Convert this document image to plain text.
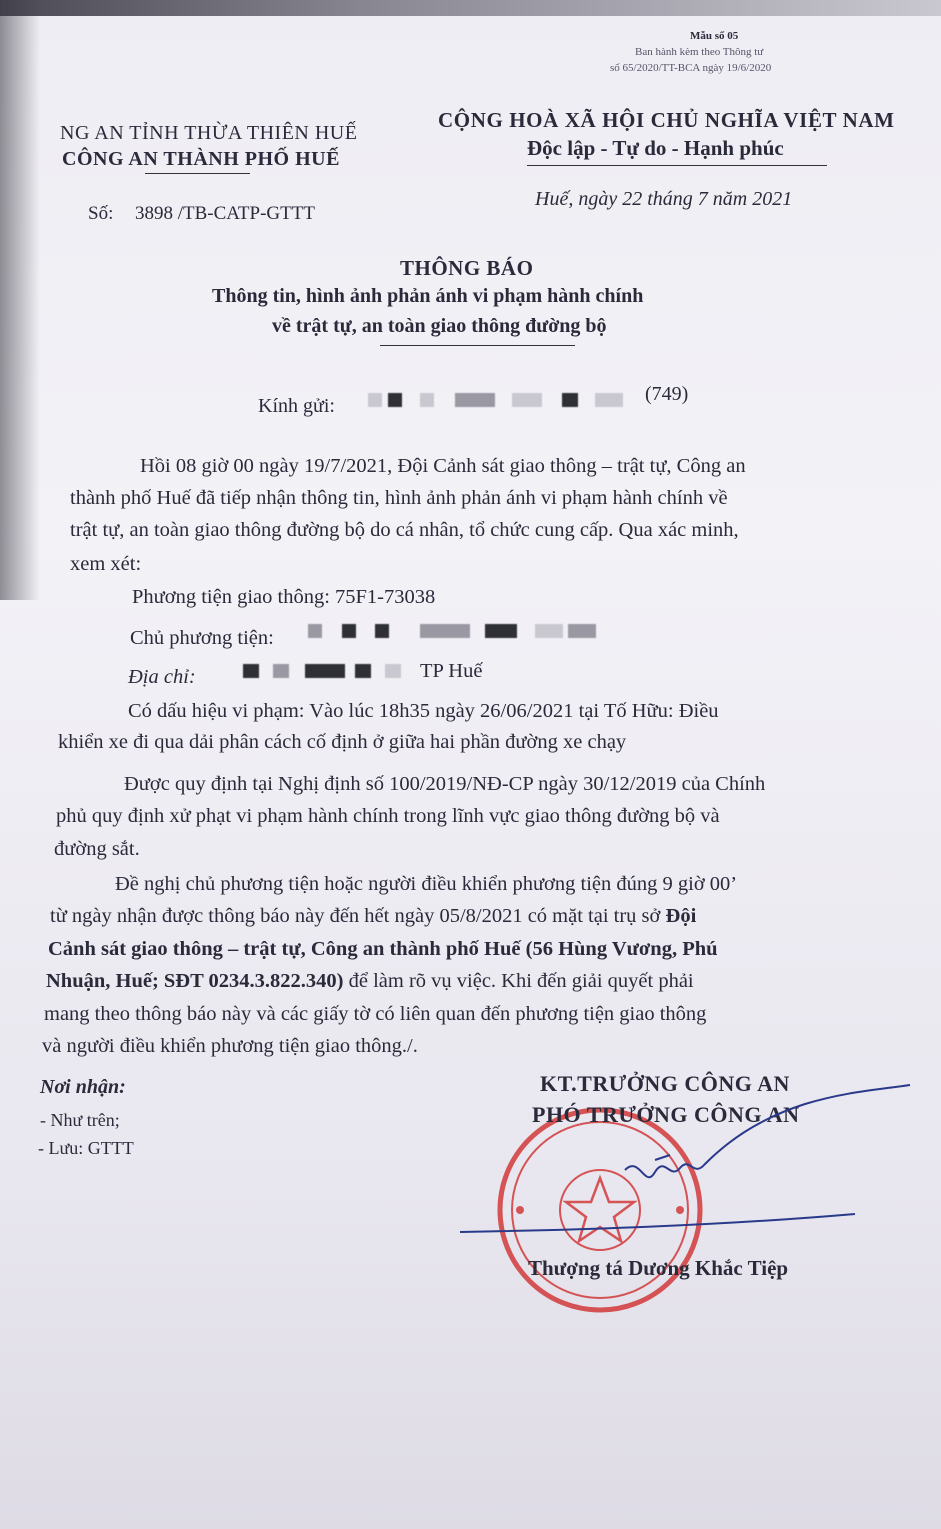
Mẫu số 05
Ban hành kèm theo Thông tư
số 65/2020/TT-BCA ngày 19/6/2020
NG AN TỈNH THỪA THIÊN HUẾ
CÔNG AN THÀNH PHỐ HUẾ
CỘNG HOÀ XÃ HỘI CHỦ NGHĨA VIỆT NAM
Độc lập - Tự do - Hạnh phúc
Số: 3898 /TB-CATP-GTTT
Huế, ngày 22 tháng 7 năm 2021
THÔNG BÁO
Thông tin, hình ảnh phản ánh vi phạm hành chính
về trật tự, an toàn giao thông đường bộ
Kính gửi:
(749)
Hồi 08 giờ 00 ngày 19/7/2021, Đội Cảnh sát giao thông – trật tự, Công an
thành phố Huế đã tiếp nhận thông tin, hình ảnh phản ánh vi phạm hành chính về
trật tự, an toàn giao thông đường bộ do cá nhân, tổ chức cung cấp. Qua xác minh,
xem xét:
Phương tiện giao thông: 75F1-73038
Chủ phương tiện:
Địa chỉ:	TP Huế
Có dấu hiệu vi phạm: Vào lúc 18h35 ngày 26/06/2021 tại Tố Hữu: Điều
khiển xe đi qua dải phân cách cố định ở giữa hai phần đường xe chạy
Được quy định tại Nghị định số 100/2019/NĐ-CP ngày 30/12/2019 của Chính
phủ quy định xử phạt vi phạm hành chính trong lĩnh vực giao thông đường bộ và
đường sắt.
Đề nghị chủ phương tiện hoặc người điều khiển phương tiện đúng 9 giờ 00’
từ ngày nhận được thông báo này đến hết ngày 05/8/2021 có mặt tại trụ sở Đội
Cảnh sát giao thông – trật tự, Công an thành phố Huế (56 Hùng Vương, Phú
Nhuận, Huế; SĐT 0234.3.822.340) để làm rõ vụ việc. Khi đến giải quyết phải
mang theo thông báo này và các giấy tờ có liên quan đến phương tiện giao thông
và người điều khiển phương tiện giao thông./.
Nơi nhận:
- Như trên;
- Lưu: GTTT
KT.TRƯỞNG CÔNG AN
PHÓ TRƯỞNG CÔNG AN
Thượng tá Dương Khắc Tiệp
